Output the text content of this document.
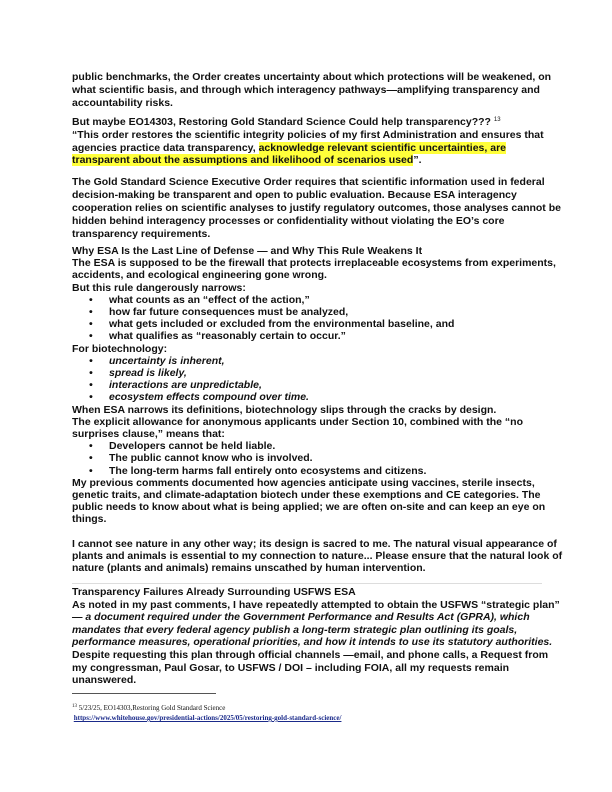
public benchmarks, the Order creates uncertainty about which protections will be weakened, on
what scientific basis, and through which interagency pathways—amplifying transparency and
accountability risks.
But maybe EO14303, Restoring Gold Standard Science Could help transparency??? $^{13}$
“This order restores the scientific integrity policies of my first Administration and ensures that
agencies practice data transparency, acknowledge relevant scientific uncertainties, are
transparent about the assumptions and likelihood of scenarios used”.
The Gold Standard Science Executive Order requires that scientific information used in federal
decision-making be transparent and open to public evaluation. Because ESA interagency
cooperation relies on scientific analyses to justify regulatory outcomes, those analyses cannot be
hidden behind interagency processes or confidentiality without violating the EO’s core
transparency requirements.
Why ESA Is the Last Line of Defense — and Why This Rule Weakens It
The ESA is supposed to be the firewall that protects irreplaceable ecosystems from experiments,
accidents, and ecological engineering gone wrong.
But this rule dangerously narrows:
• what counts as an “effect of the action,”
• how far future consequences must be analyzed,
• what gets included or excluded from the environmental baseline, and
• what qualifies as “reasonably certain to occur.”
For biotechnology:
• uncertainty is inherent,
• spread is likely,
• interactions are unpredictable,
• ecosystem effects compound over time.
When ESA narrows its definitions, biotechnology slips through the cracks by design.
The explicit allowance for anonymous applicants under Section 10, combined with the “no
surprises clause,” means that:
• Developers cannot be held liable.
• The public cannot know who is involved.
• The long-term harms fall entirely onto ecosystems and citizens.
My previous comments documented how agencies anticipate using vaccines, sterile insects,
genetic traits, and climate-adaptation biotech under these exemptions and CE categories. The
public needs to know about what is being applied; we are often on-site and can keep an eye on
things.
I cannot see nature in any other way; its design is sacred to me. The natural visual appearance of
plants and animals is essential to my connection to nature... Please ensure that the natural look of
nature (plants and animals) remains unscathed by human intervention.
Transparency Failures Already Surrounding USFWS ESA
As noted in my past comments, I have repeatedly attempted to obtain the USFWS “strategic plan”
— a document required under the Government Performance and Results Act (GPRA), which
mandates that every federal agency publish a long-term strategic plan outlining its goals,
performance measures, operational priorities, and how it intends to use its statutory authorities.
Despite requesting this plan through official channels —email, and phone calls, a Request from
my congressman, Paul Gosar, to USFWS / DOI – including FOIA, all my requests remain
unanswered.
$^{13}$ 5/23/25, EO14303,Restoring Gold Standard Science
https://www.whitehouse.gov/presidential-actions/2025/05/restoring-gold-standard-science/
